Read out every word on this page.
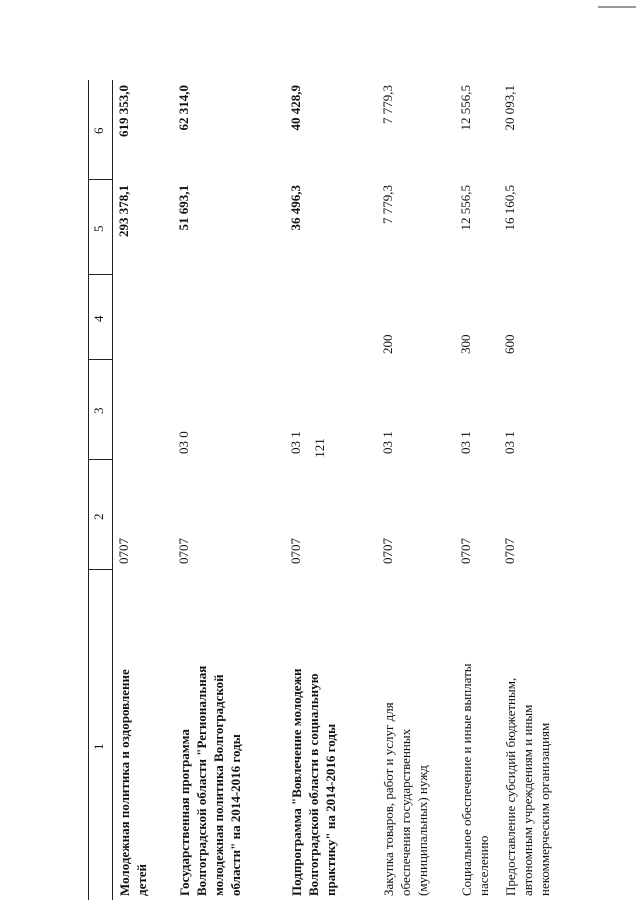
121
1
2
3
4
5
6
Молодежная политика и оздоровление детей
0707
293 378,1
619 353,0
Государственная программа Волгоградской области "Региональная молодежная политика Волгоградской области" на 2014-2016 годы
0707
03 0
51 693,1
62 314,0
Подпрограмма "Вовлечение молодежи Волгоградской области в социальную практику" на 2014-2016 годы
0707
03 1
36 496,3
40 428,9
Закупка товаров, работ и услуг для обеспечения государственных (муниципальных) нужд
0707
03 1
200
7 779,3
7 779,3
Социальное обеспечение и иные выплаты населению
0707
03 1
300
12 556,5
12 556,5
Предоставление субсидий бюджетным, автономным учреждениям и иным некоммерческим организациям
0707
03 1
600
16 160,5
20 093,1
